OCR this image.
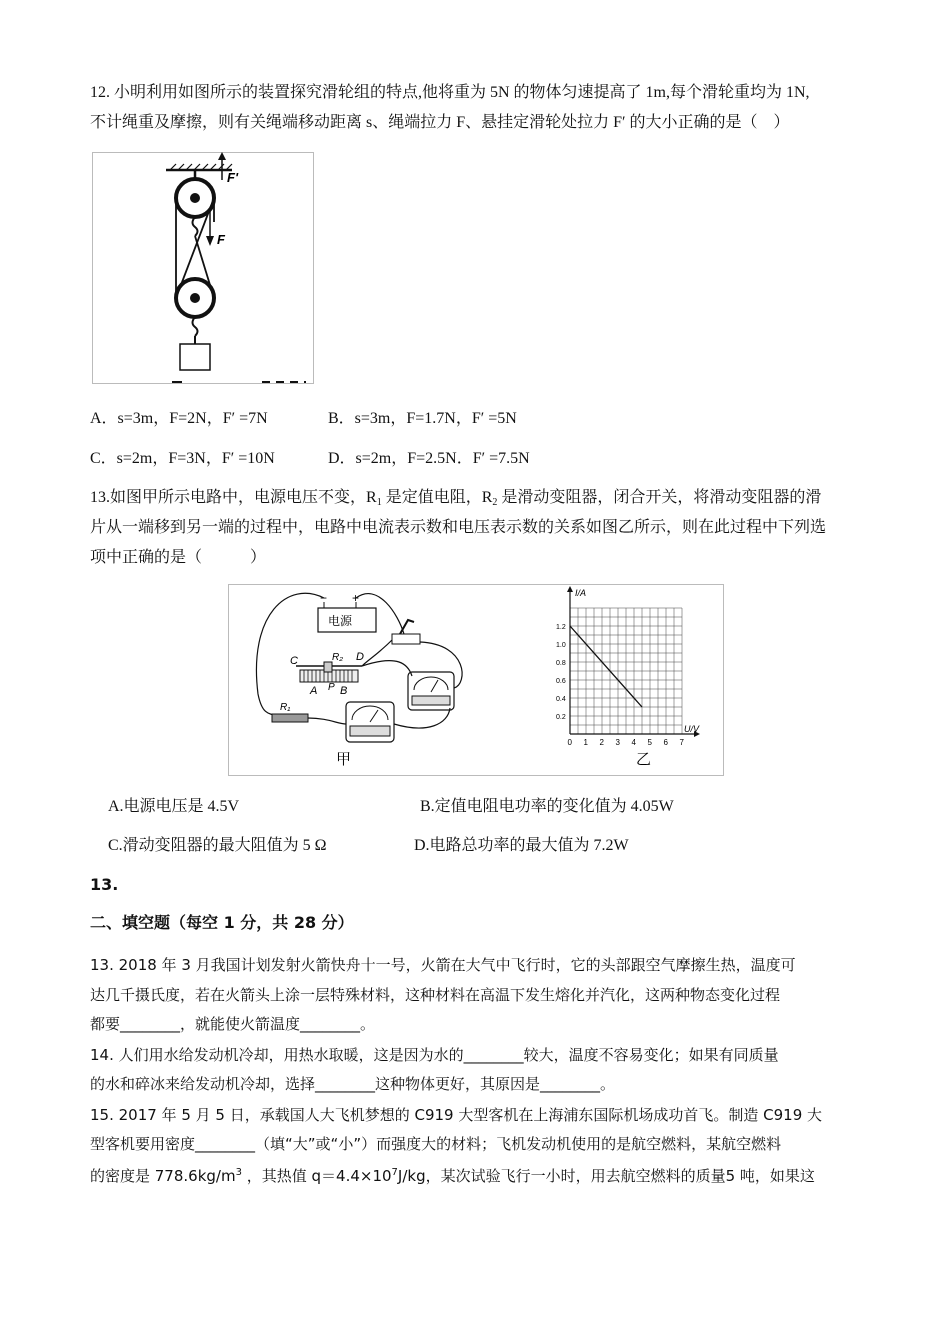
12. 小明利用如图所示的装置探究滑轮组的特点,他将重为 5N 的物体匀速提高了 1m,每个滑轮重均为 1N,
不计绳重及摩擦，则有关绳端移动距离 s、绳端拉力 F、悬挂定滑轮处拉力 F′ 的大小正确的是（　）
F
F'
A．s=3m，F=2N，F′ =7N	B．s=3m，F=1.7N，F′ =5N
C．s=2m，F=3N，F′ =10N	D．s=2m，F=2.5N．F′ =7.5N
13.如图甲所示电路中，电源电压不变，$R_1$ 是定值电阻，$R_2$ 是滑动变阻器，闭合开关，将滑动变阻器的滑
片从一端移到另一端的过程中，电路中电流表示数和电压表示数的关系如图乙所示，则在此过程中下列选
项中正确的是（　　　）
电源
− +
C	R₂ D
A P B
R₁
甲
I/A
U/V
0 1 2 3 4 5 6 7
0.2
0.4
0.6
0.8
1.0
1.2
乙
A.电源电压是 4.5V	B.定值电阻电功率的变化值为 4.05W
C.滑动变阻器的最大阻值为 5 Ω	D.电路总功率的最大值为 7.2W
13.
二、填空题（每空 1 分，共 28 分）
13. 2018 年 3 月我国计划发射火箭快舟十一号，火箭在大气中飞行时，它的头部跟空气摩擦生热，温度可
达几千摄氏度，若在火箭头上涂一层特殊材料，这种材料在高温下发生熔化并汽化，这两种物态变化过程
都要________，就能使火箭温度________。
14. 人们用水给发动机冷却，用热水取暖，这是因为水的________较大，温度不容易变化；如果有同质量
的水和碎冰来给发动机冷却，选择________这种物体更好，其原因是________。
15. 2017 年 5 月 5 日，承载国人大飞机梦想的 C919 大型客机在上海浦东国际机场成功首飞。制造 C919 大
型客机要用密度________（填“大”或“小”）而强度大的材料；飞机发动机使用的是航空燃料，某航空燃料
的密度是 $778.6kg/m^3$ ，其热值 $q=4.4\times 10^7J/kg$，某次试验飞行一小时，用去航空燃料的质量5 吨，如果这
